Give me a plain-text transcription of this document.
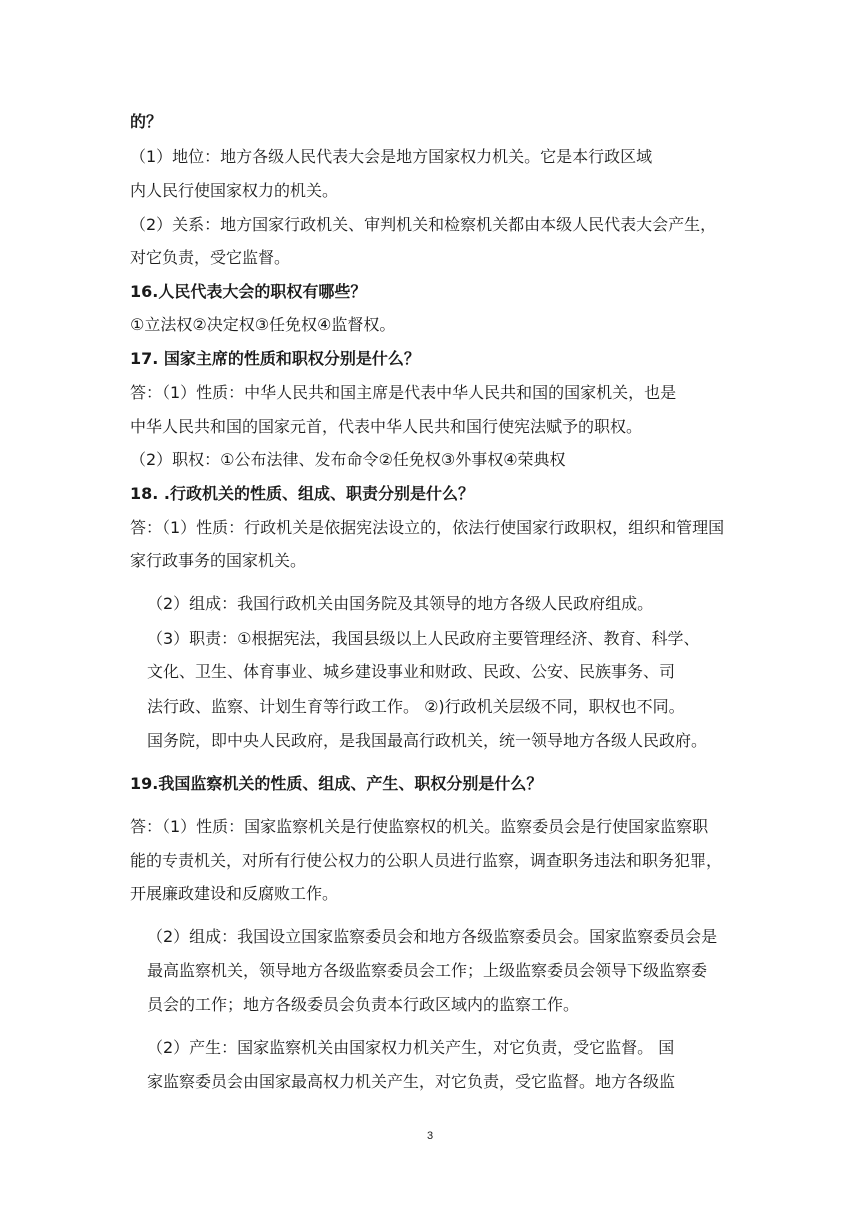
的？
（1）地位：地方各级人民代表大会是地方国家权力机关。它是本行政区域
内人民行使国家权力的机关。
（2）关系：地方国家行政机关、审判机关和检察机关都由本级人民代表大会产生，
对它负责，受它监督。
16.人民代表大会的职权有哪些？
①立法权②决定权③任免权④监督权。
17. 国家主席的性质和职权分别是什么？
答：（1）性质：中华人民共和国主席是代表中华人民共和国的国家机关，也是
中华人民共和国的国家元首，代表中华人民共和国行使宪法赋予的职权。
（2）职权：①公布法律、发布命令②任免权③外事权④荣典权
18. .行政机关的性质、组成、职责分别是什么？
答：（1）性质：行政机关是依据宪法设立的，依法行使国家行政职权，组织和管理国
家行政事务的国家机关。
（2）组成：我国行政机关由国务院及其领导的地方各级人民政府组成。
（3）职责：①根据宪法，我国县级以上人民政府主要管理经济、教育、科学、
文化、卫生、体育事业、城乡建设事业和财政、民政、公安、民族事务、司
法行政、监察、计划生育等行政工作。 ②)行政机关层级不同，职权也不同。
国务院，即中央人民政府，是我国最高行政机关，统一领导地方各级人民政府。
19.我国监察机关的性质、组成、产生、职权分别是什么？
答：（1）性质：国家监察机关是行使监察权的机关。监察委员会是行使国家监察职
能的专责机关，对所有行使公权力的公职人员进行监察，调查职务违法和职务犯罪，
开展廉政建设和反腐败工作。
（2）组成：我国设立国家监察委员会和地方各级监察委员会。国家监察委员会是
最高监察机关，领导地方各级监察委员会工作；上级监察委员会领导下级监察委
员会的工作；地方各级委员会负责本行政区域内的监察工作。
（2）产生：国家监察机关由国家权力机关产生，对它负责，受它监督。 国
家监察委员会由国家最高权力机关产生，对它负责，受它监督。地方各级监
3
